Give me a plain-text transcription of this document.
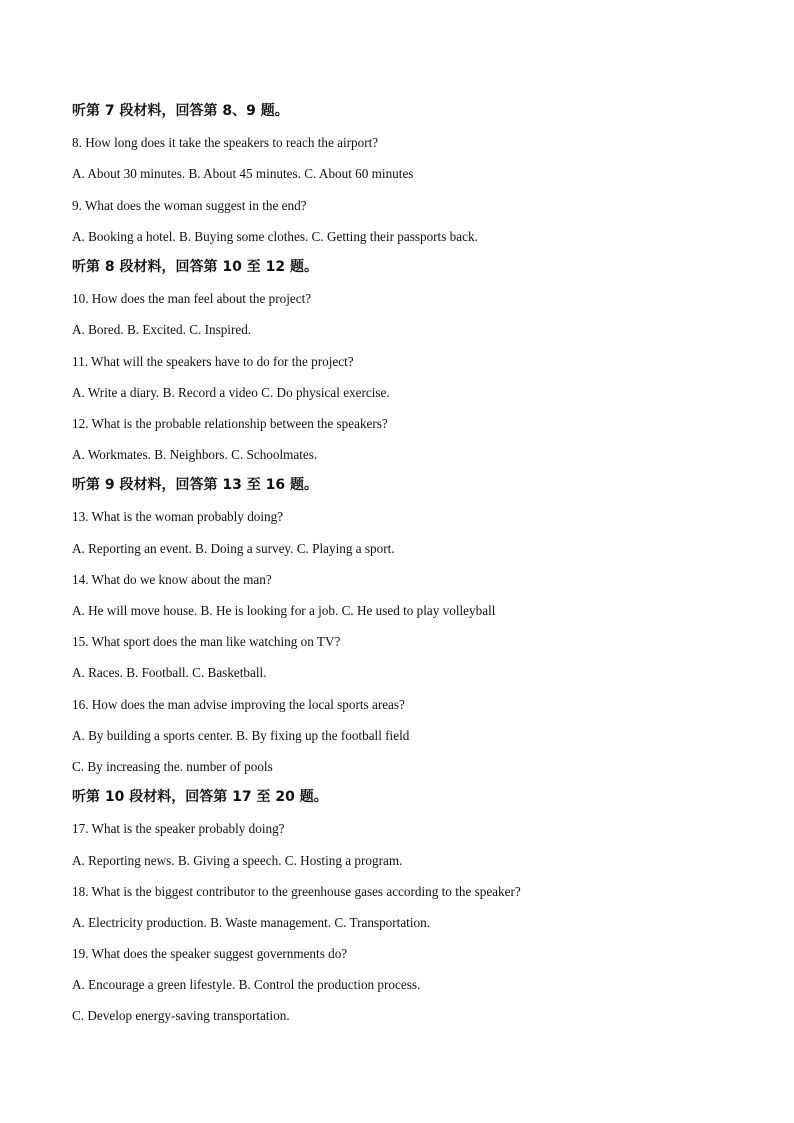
听第 7 段材料，回答第 8、9 题。
8. How long does it take the speakers to reach the airport?
A. About 30 minutes. B. About 45 minutes. C. About 60 minutes
9. What does the woman suggest in the end?
A. Booking a hotel. B. Buying some clothes. C. Getting their passports back.
听第 8 段材料，回答第 10 至 12 题。
10. How does the man feel about the project?
A. Bored. B. Excited. C. Inspired.
11. What will the speakers have to do for the project?
A. Write a diary. B. Record a video C. Do physical exercise.
12. What is the probable relationship between the speakers?
A. Workmates. B. Neighbors. C. Schoolmates.
听第 9 段材料，回答第 13 至 16 题。
13. What is the woman probably doing?
A. Reporting an event. B. Doing a survey. C. Playing a sport.
14. What do we know about the man?
A. He will move house. B. He is looking for a job. C. He used to play volleyball
15. What sport does the man like watching on TV?
A. Races. B. Football. C. Basketball.
16. How does the man advise improving the local sports areas?
A. By building a sports center. B. By fixing up the football field
C. By increasing the. number of pools
听第 10 段材料，回答第 17 至 20 题。
17. What is the speaker probably doing?
A. Reporting news. B. Giving a speech. C. Hosting a program.
18. What is the biggest contributor to the greenhouse gases according to the speaker?
A. Electricity production. B. Waste management. C. Transportation.
19. What does the speaker suggest governments do?
A. Encourage a green lifestyle. B. Control the production process.
C. Develop energy-saving transportation.
